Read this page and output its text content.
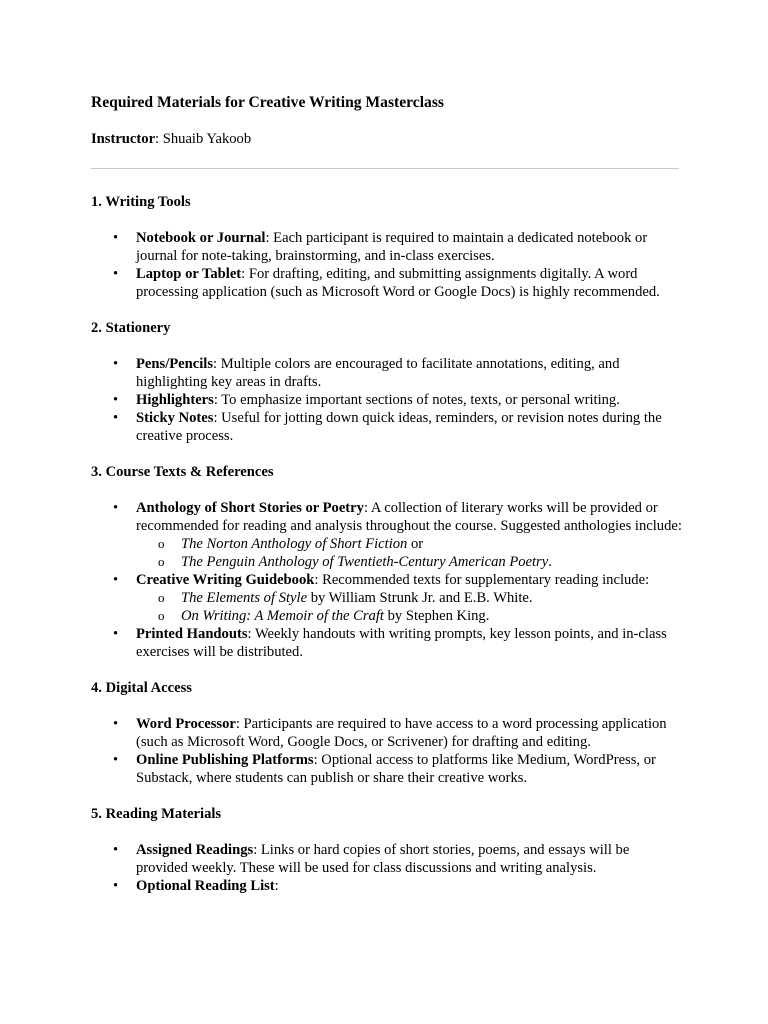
Required Materials for Creative Writing Masterclass

Instructor: Shuaib Yakoob

1. Writing Tools

•	Notebook or Journal: Each participant is required to maintain a dedicated notebook or journal for note-taking, brainstorming, and in-class exercises.
•	Laptop or Tablet: For drafting, editing, and submitting assignments digitally. A word processing application (such as Microsoft Word or Google Docs) is highly recommended.

2. Stationery

•	Pens/Pencils: Multiple colors are encouraged to facilitate annotations, editing, and highlighting key areas in drafts.
•	Highlighters: To emphasize important sections of notes, texts, or personal writing.
•	Sticky Notes: Useful for jotting down quick ideas, reminders, or revision notes during the creative process.

3. Course Texts & References

•	Anthology of Short Stories or Poetry: A collection of literary works will be provided or recommended for reading and analysis throughout the course. Suggested anthologies include:
o The Norton Anthology of Short Fiction or
o The Penguin Anthology of Twentieth-Century American Poetry.
•	Creative Writing Guidebook: Recommended texts for supplementary reading include:
o The Elements of Style by William Strunk Jr. and E.B. White.
o On Writing: A Memoir of the Craft by Stephen King.
•	Printed Handouts: Weekly handouts with writing prompts, key lesson points, and in-class exercises will be distributed.

4. Digital Access

•	Word Processor: Participants are required to have access to a word processing application (such as Microsoft Word, Google Docs, or Scrivener) for drafting and editing.
•	Online Publishing Platforms: Optional access to platforms like Medium, WordPress, or Substack, where students can publish or share their creative works.

5. Reading Materials

•	Assigned Readings: Links or hard copies of short stories, poems, and essays will be provided weekly. These will be used for class discussions and writing analysis.
•	Optional Reading List:
